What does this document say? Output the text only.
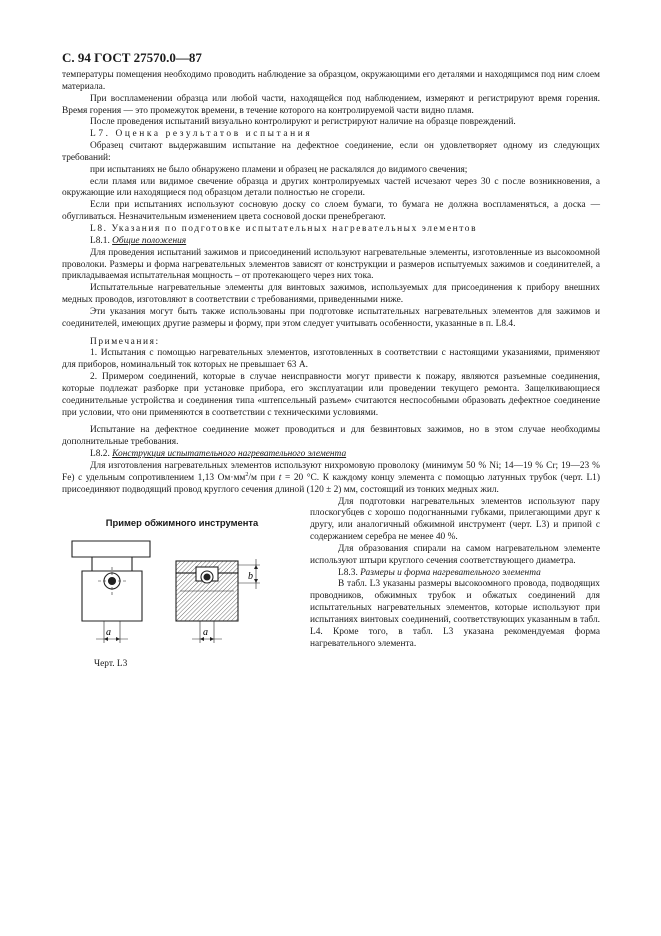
С. 94 ГОСТ 27570.0—87

температуры помещения необходимо проводить наблюдение за образцом, окружающими его деталями и находящимся под ним слоем материала.

При воспламенении образца или любой части, находящейся под наблюдением, измеряют и регистрируют время горения. Время горения — это промежуток времени, в течение которого на контролируемой части видно пламя.

После проведения испытаний визуально контролируют и регистрируют наличие на образце повреждений.

L7. Оценка результатов испытания

Образец считают выдержавшим испытание на дефектное соединение, если он удовлетворяет одному из следующих требований:

при испытаниях не было обнаружено пламени и образец не раскалялся до видимого свечения;

если пламя или видимое свечение образца и других контролируемых частей исчезают через 30 с после возникновения, а окружающие или находящиеся под образцом детали полностью не сгорели.

Если при испытаниях используют сосновую доску со слоем бумаги, то бумага не должна воспламеняться, а доска — обугливаться. Незначительным изменением цвета сосновой доски пренебрегают.

L8. Указания по подготовке испытательных нагревательных элементов

L8.1. Общие положения

Для проведения испытаний зажимов и присоединений используют нагревательные элементы, изготовленные из высокоомной проволоки. Размеры и форма нагревательных элементов зависят от конструкции и размеров испытуемых зажимов и соединителей, а прикладываемая испытательная мощность – от протекающего через них тока.

Испытательные нагревательные элементы для винтовых зажимов, используемых для присоединения к прибору внешних медных проводов, изготовляют в соответствии с требованиями, приведенными ниже.

Эти указания могут быть также использованы при подготовке испытательных нагревательных элементов для зажимов и соединителей, имеющих другие размеры и форму, при этом следует учитывать особенности, указанные в п. L8.4.

Примечания:

1. Испытания с помощью нагревательных элементов, изготовленных в соответствии с настоящими указаниями, применяют для приборов, номинальный ток которых не превышает 63 А.

2. Примером соединений, которые в случае неисправности могут привести к пожару, являются разъемные соединения, которые подлежат разборке при установке прибора, его эксплуатации или проведении текущего ремонта. Защелкивающиеся соединительные устройства и соединения типа «штепсельный разъем» считаются неспособными образовать дефектное соединение при условии, что они применяются в соответствии с техническими условиями.

Испытание на дефектное соединение может проводиться и для безвинтовых зажимов, но в этом случае необходимы дополнительные требования.

L8.2. Конструкция испытательного нагревательного элемента

Для изготовления нагревательных элементов используют нихромовую проволоку (минимум 50 % Ni; 14—19 % Cr; 19—23 % Fe) с удельным сопротивлением 1,13 $Ом\cdot мм^2/м$ при t = 20 °С. К каждому концу элемента с помощью латунных трубок (черт. L1) присоединяют подводящий провод круглого сечения длиной (120 ± 2) мм, состоящий из тонких медных жил.

Пример обжимного инструмента
a
b
a
Черт. L3

Для подготовки нагревательных элементов используют пару плоскогубцев с хорошо подогнанными губками, прилегающими друг к другу, или аналогичный обжимной инструмент (черт. L3) и припой с содержанием серебра не менее 40 %.

Для образования спирали на самом нагревательном элементе используют штыри круглого сечения соответствующего диаметра.

L8.3. Размеры и форма нагревательного элемента

В табл. L3 указаны размеры высокоомного провода, подводящих проводников, обжимных трубок и обжатых соединений для испытательных нагревательных элементов, которые используют при испытаниях винтовых соединений, соответствующих указанным в табл. L4. Кроме того, в табл. L3 указана рекомендуемая форма нагревательного элемента.
